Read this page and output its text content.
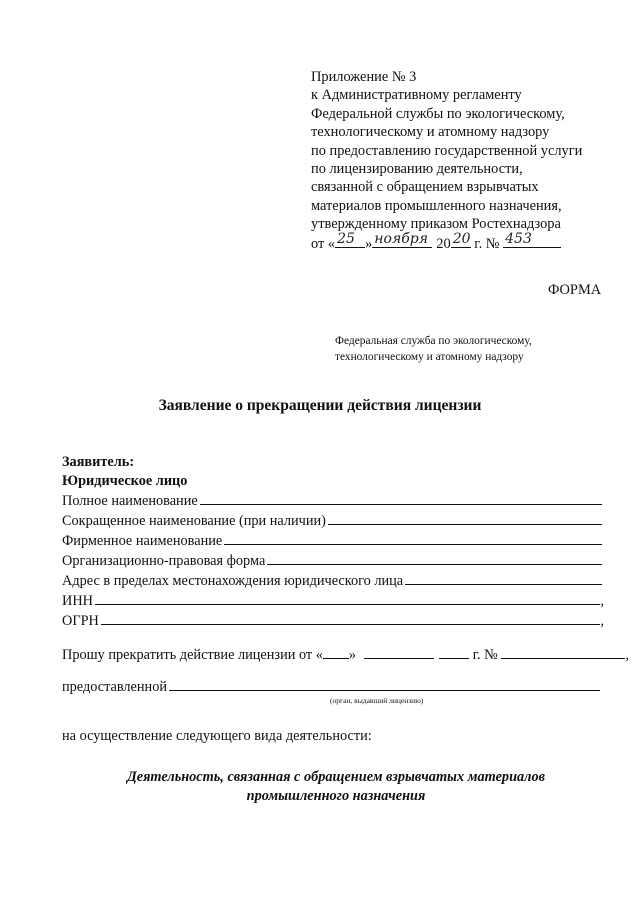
Приложение № 3
к Административному регламенту
Федеральной службы по экологическому,
технологическому и атомному надзору
по предоставлению государственной услуги
по лицензированию деятельности,
связанной с обращением взрывчатых
материалов промышленного назначения,
утвержденному приказом Ростехнадзора
от « 25 » ноября 20 20 г. № 453
ФОРМА
Федеральная служба по экологическому,
технологическому и атомному надзору
Заявление о прекращении действия лицензии
Заявитель:
Юридическое лицо
Полное наименование
Сокращенное наименование (при наличии)
Фирменное наименование
Организационно-правовая форма
Адрес в пределах местонахождения юридического лица
ИНН	,
ОГРН	,
Прошу прекратить действие лицензии от « »	г. №	,
предоставленной
(орган, выдавший лицензию)
на осуществление следующего вида деятельности:
Деятельность, связанная с обращением взрывчатых материалов
промышленного назначения
